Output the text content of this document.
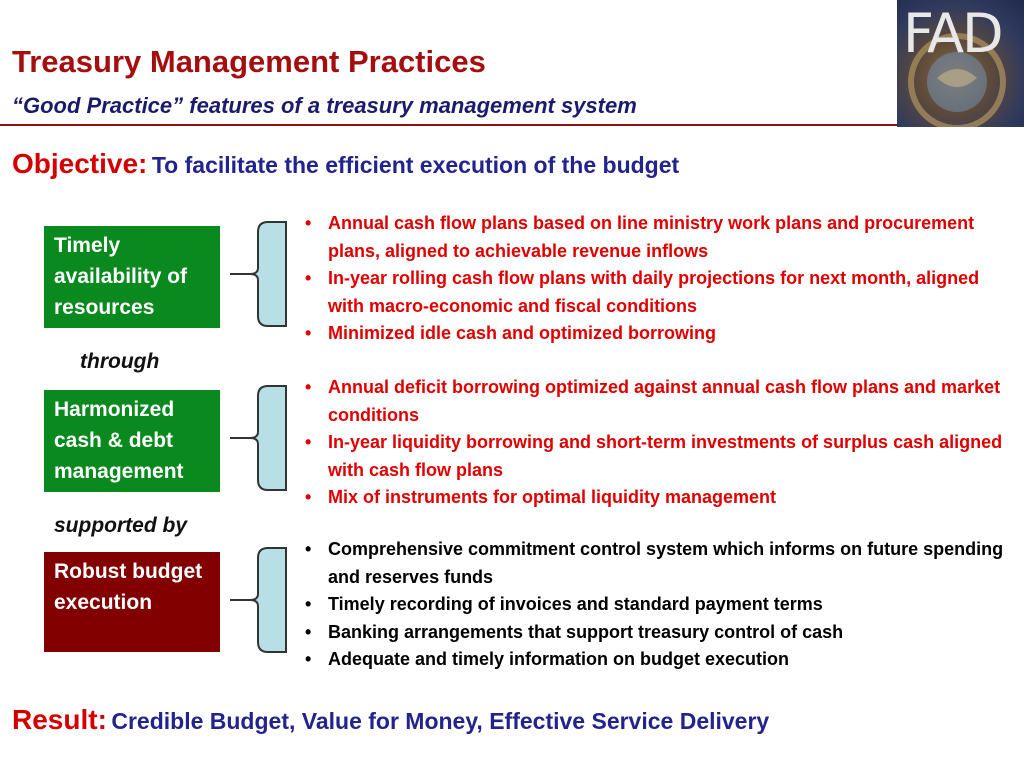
Treasury Management Practices
“Good Practice” features of a treasury management system
FAD
Objective: To facilitate the efficient execution of the budget
Timely availability of resources
• Annual cash flow plans based on line ministry work plans and procurement plans, aligned to achievable revenue inflows
• In-year rolling cash flow plans with daily projections for next month, aligned with macro-economic and fiscal conditions
• Minimized idle cash and optimized borrowing
through
Harmonized cash & debt management
• Annual deficit borrowing optimized against annual cash flow plans and market conditions
• In-year liquidity borrowing and short-term investments of surplus cash aligned with cash flow plans
• Mix of instruments for optimal liquidity management
supported by
Robust budget execution
• Comprehensive commitment control system which informs on future spending and reserves funds
• Timely recording of invoices and standard payment terms
• Banking arrangements that support treasury control of cash
• Adequate and timely information on budget execution
Result: Credible Budget, Value for Money, Effective Service Delivery
